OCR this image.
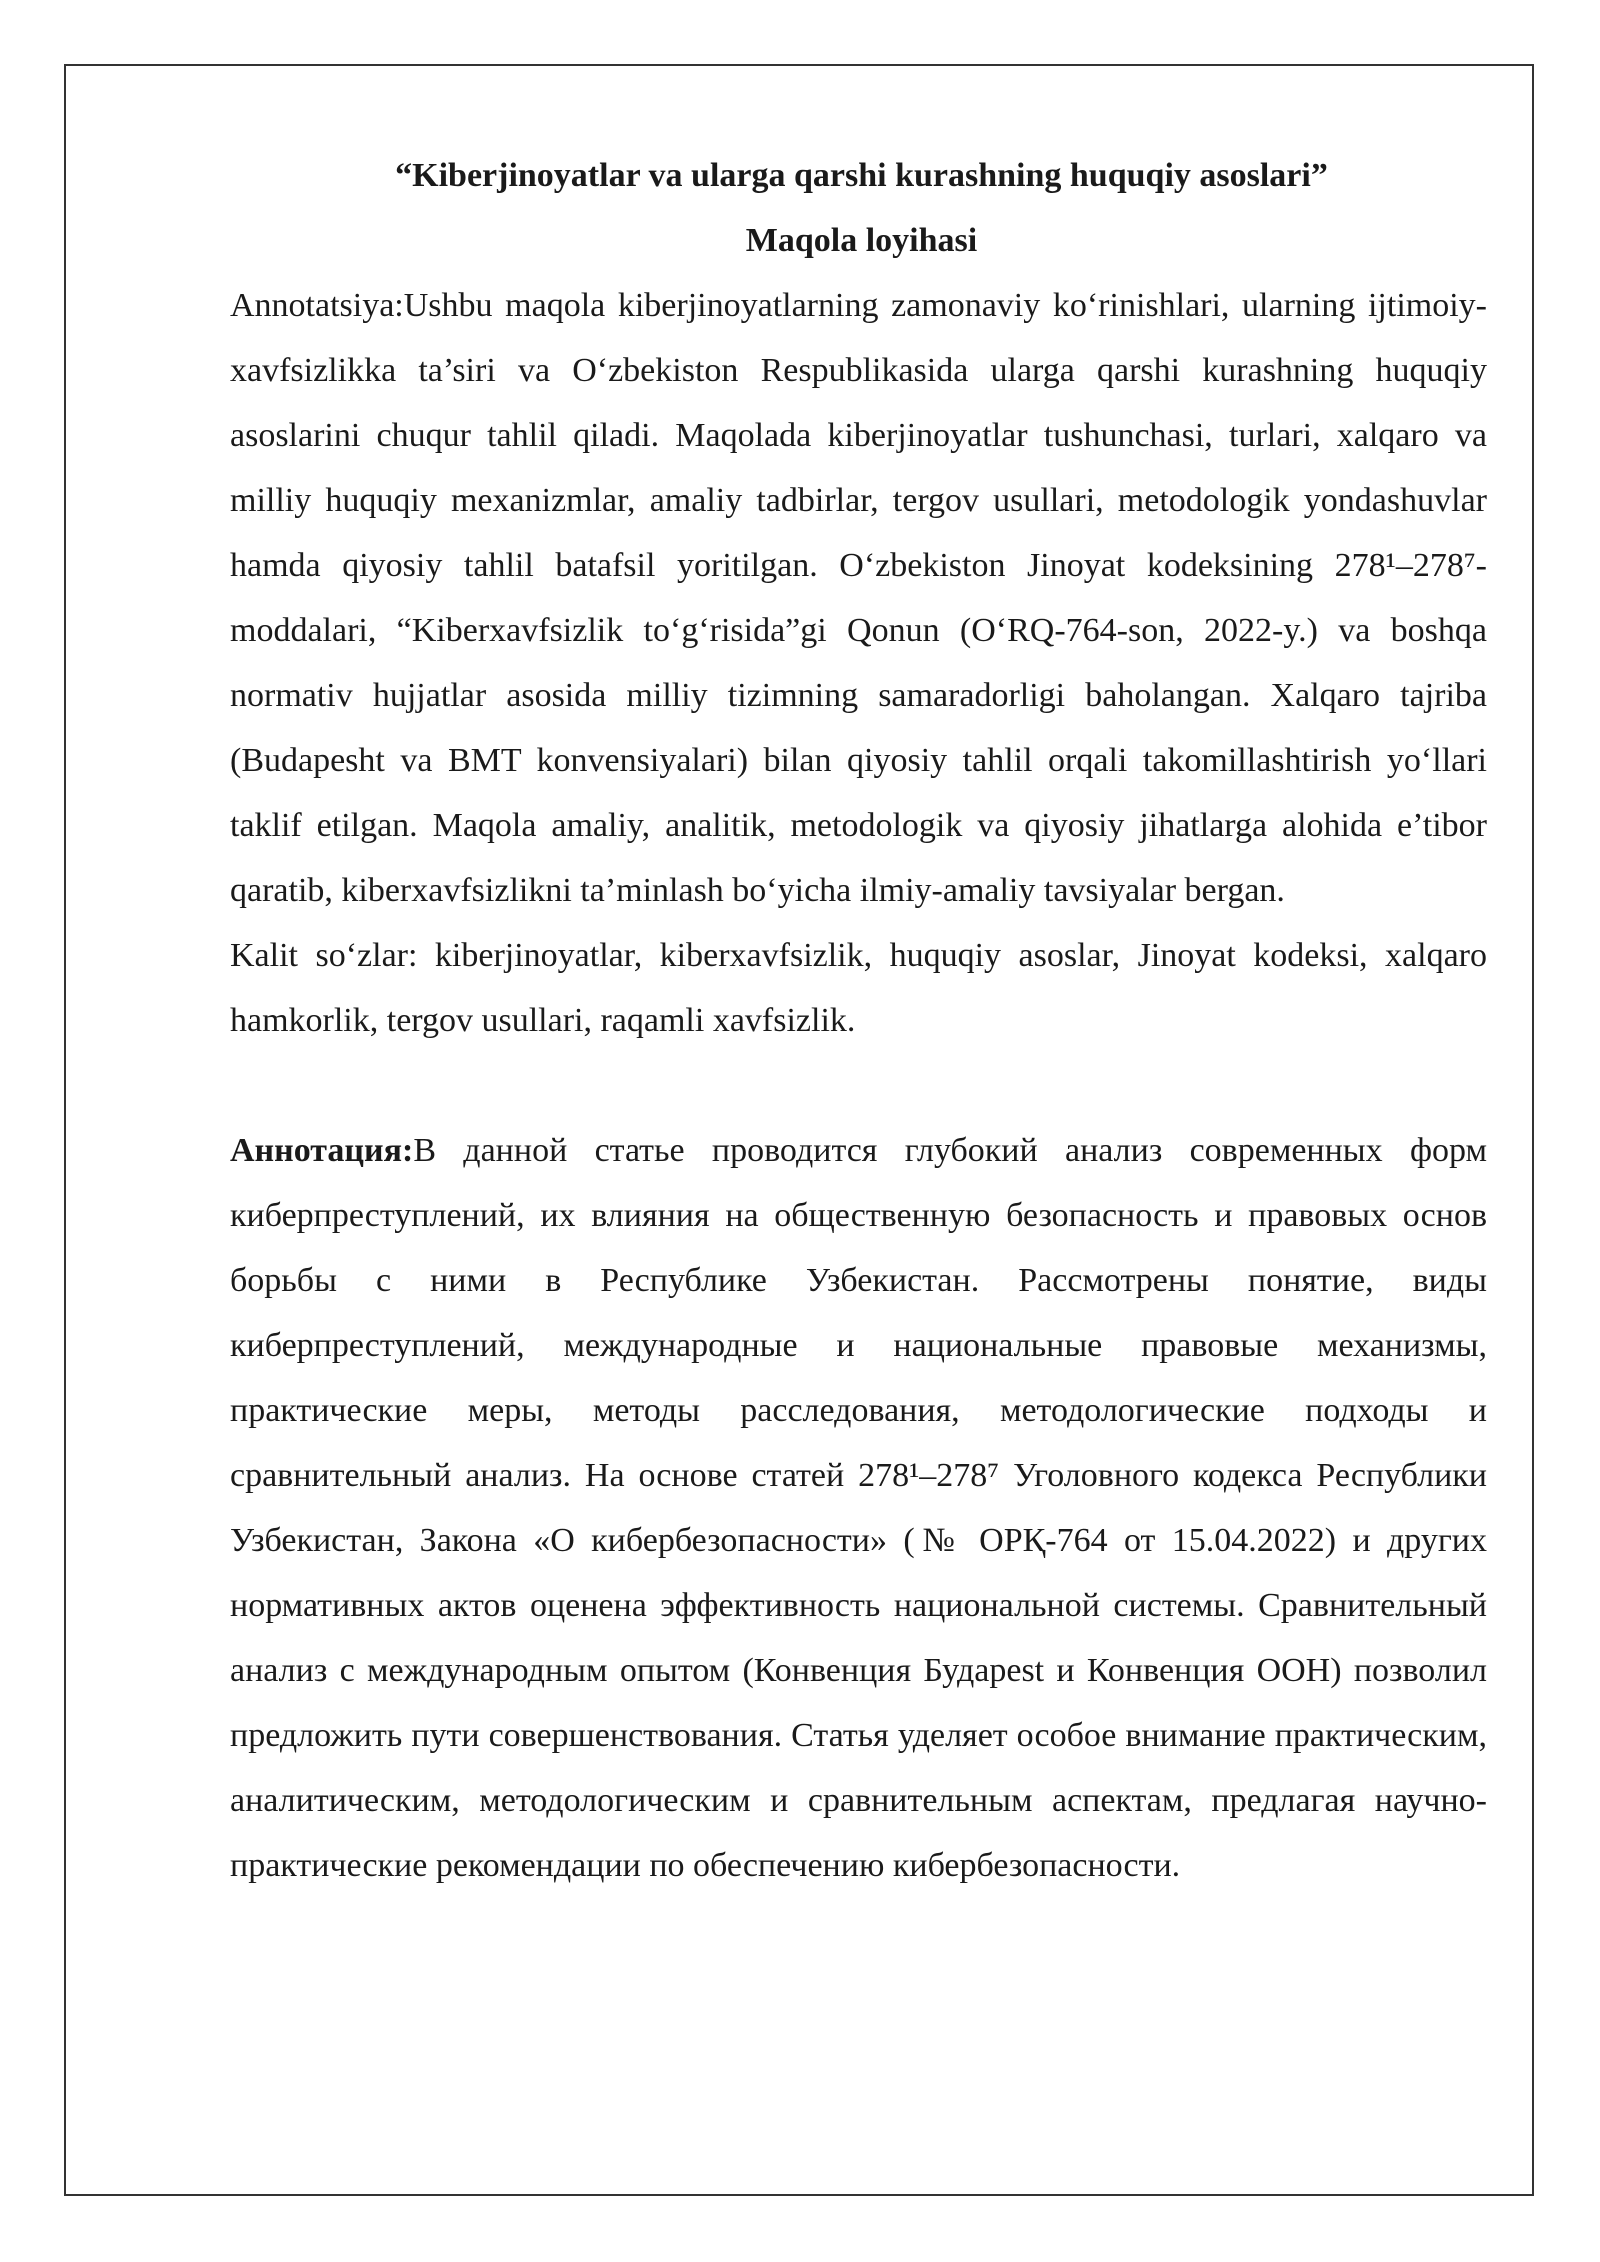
“Kiberjinoyatlar va ularga qarshi kurashning huquqiy asoslari”

Maqola loyihasi

Annotatsiya:Ushbu maqola kiberjinoyatlarning zamonaviy ko‘rinishlari, ularning ijtimoiy-xavfsizlikka ta’siri va O‘zbekiston Respublikasida ularga qarshi kurashning huquqiy asoslarini chuqur tahlil qiladi. Maqolada kiberjinoyatlar tushunchasi, turlari, xalqaro va milliy huquqiy mexanizmlar, amaliy tadbirlar, tergov usullari, metodologik yondashuvlar hamda qiyosiy tahlil batafsil yoritilgan. O‘zbekiston Jinoyat kodeksining 278¹–278⁷-moddalari, “Kiberxavfsizlik to‘g‘risida”gi Qonun (O‘RQ-764-son, 2022-y.) va boshqa normativ hujjatlar asosida milliy tizimning samaradorligi baholangan. Xalqaro tajriba (Budapesht va BMT konvensiyalari) bilan qiyosiy tahlil orqali takomillashtirish yo‘llari taklif etilgan. Maqola amaliy, analitik, metodologik va qiyosiy jihatlarga alohida e’tibor qaratib, kiberxavfsizlikni ta’minlash bo‘yicha ilmiy-amaliy tavsiyalar bergan.

Kalit so‘zlar: kiberjinoyatlar, kiberxavfsizlik, huquqiy asoslar, Jinoyat kodeksi, xalqaro hamkorlik, tergov usullari, raqamli xavfsizlik.

Аннотация:В данной статье проводится глубокий анализ современных форм киберпреступлений, их влияния на общественную безопасность и правовых основ борьбы с ними в Республике Узбекистан. Рассмотрены понятие, виды киберпреступлений, международные и национальные правовые механизмы, практические меры, методы расследования, методологические подходы и сравнительный анализ. На основе статей 278¹–278⁷ Уголовного кодекса Республики Узбекистан, Закона «О кибербезопасности» (№ ОРҚ-764 от 15.04.2022) и других нормативных актов оценена эффективность национальной системы. Сравнительный анализ с международным опытом (Конвенция Будаpest и Конвенция ООН) позволил предложить пути совершенствования. Статья уделяет особое внимание практическим, аналитическим, методологическим и сравнительным аспектам, предлагая научно-практические рекомендации по обеспечению кибербезопасности.
